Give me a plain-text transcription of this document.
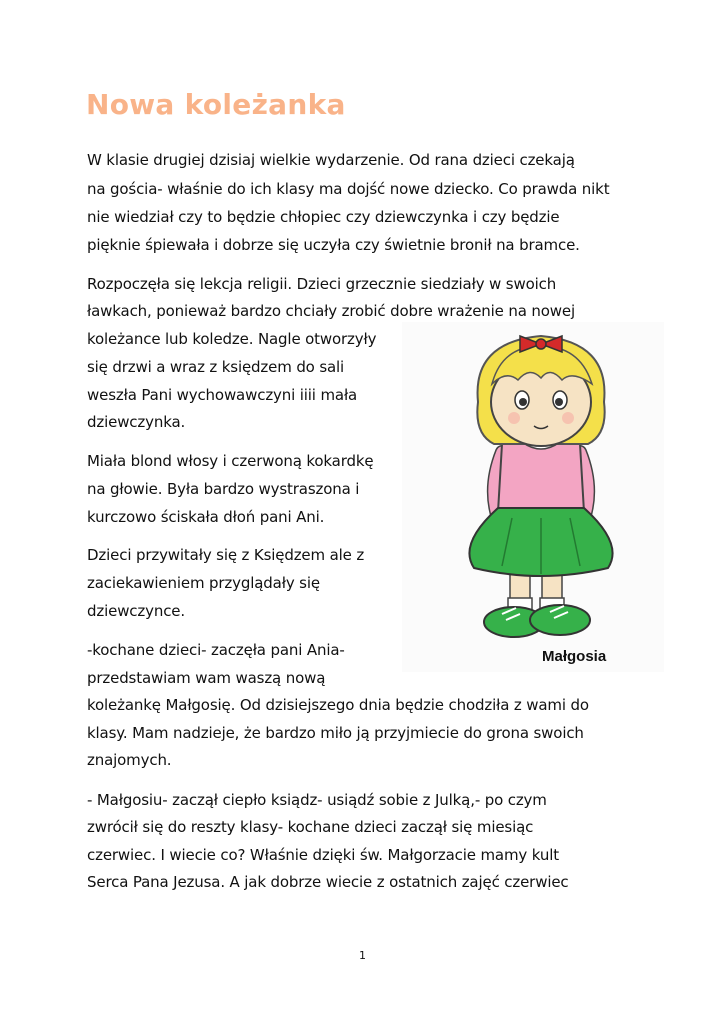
Nowa koleżanka

W klasie drugiej dzisiaj wielkie wydarzenie. Od rana dzieci czekają

na gościa- właśnie do ich klasy ma dojść nowe dziecko. Co prawda nikt

nie wiedział czy to będzie chłopiec czy dziewczynka i czy będzie

pięknie śpiewała i dobrze się uczyła czy świetnie bronił na bramce.

Rozpoczęła się lekcja religii. Dzieci grzecznie siedziały w swoich

ławkach, ponieważ bardzo chciały zrobić dobre wrażenie na nowej

koleżance lub koledze. Nagle otworzyły

się drzwi a wraz z księdzem do sali

weszła Pani wychowawczyni iiii mała

dziewczynka.

Miała blond włosy i czerwoną kokardkę

na głowie. Była bardzo wystraszona i

kurczowo ściskała dłoń pani Ani.

Dzieci przywitały się z Księdzem ale z

zaciekawieniem przyglądały się

dziewczynce.

-kochane dzieci- zaczęła pani Ania-

przedstawiam wam waszą nową

koleżankę Małgosię. Od dzisiejszego dnia będzie chodziła z wami do

klasy. Mam nadzieje, że bardzo miło ją przyjmiecie do grona swoich

znajomych.

- Małgosiu- zaczął ciepło ksiądz- usiądź sobie z Julką,- po czym

zwrócił się do reszty klasy- kochane dzieci zaczął się miesiąc

czerwiec. I wiecie co? Właśnie dzięki św. Małgorzacie mamy kult

Serca Pana Jezusa. A jak dobrze wiecie z ostatnich zajęć czerwiec

Małgosia
1
